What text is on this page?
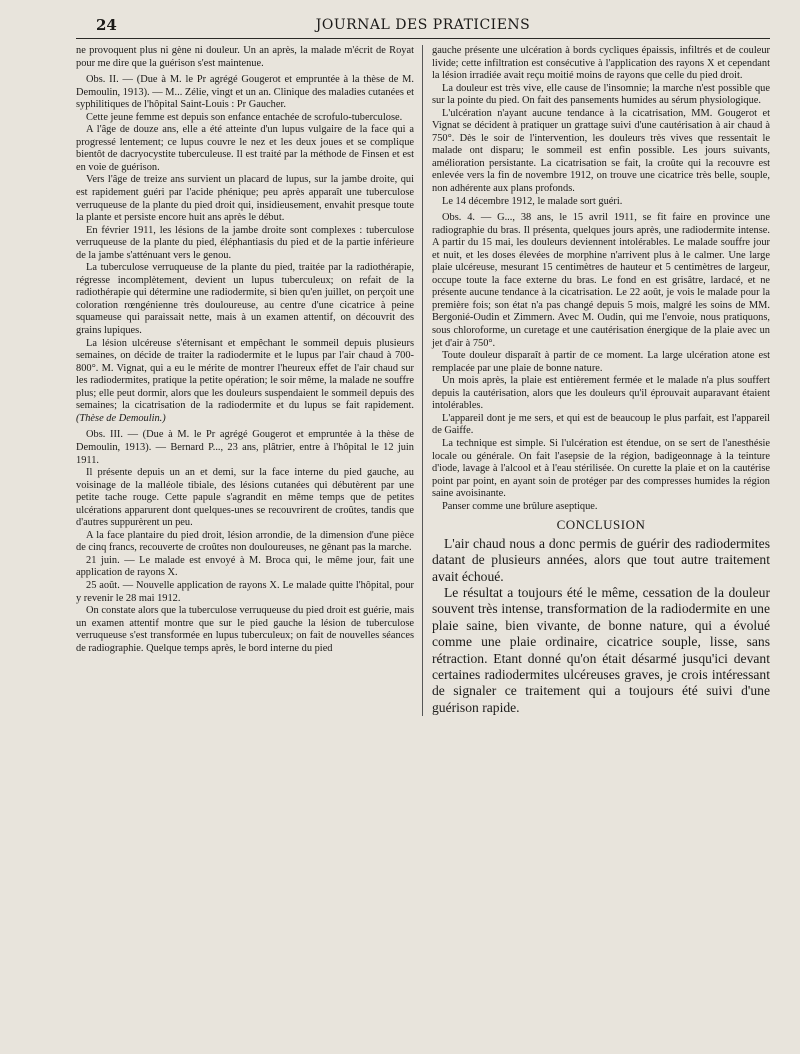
24	JOURNAL DES PRATICIENS

ne provoquent plus ni gène ni douleur. Un an après, la malade m'écrit de Royat pour me dire que la guérison s'est maintenue.

Obs. II. — (Due à M. le Pr agrégé Gougerot et empruntée à la thèse de M. Demoulin, 1913). — M... Zélie, vingt et un an. Clinique des maladies cutanées et syphilitiques de l'hôpital Saint-Louis : Pr Gaucher.

Cette jeune femme est depuis son enfance entachée de scrofulo-tuberculose.

A l'âge de douze ans, elle a été atteinte d'un lupus vulgaire de la face qui a progressé lentement; ce lupus couvre le nez et les deux joues et se complique bientôt de dacryocystite tuberculeuse. Il est traité par la méthode de Finsen et est en voie de guérison.

Vers l'âge de treize ans survient un placard de lupus, sur la jambe droite, qui est rapidement guéri par l'acide phénique; peu après apparaît une tuberculose verruqueuse de la plante du pied droit qui, insidieusement, envahit presque toute la plante et persiste encore huit ans après le début.

En février 1911, les lésions de la jambe droite sont complexes : tuberculose verruqueuse de la plante du pied, éléphantiasis du pied et de la partie inférieure de la jambe s'atténuant vers le genou.

La tuberculose verruqueuse de la plante du pied, traitée par la radiothérapie, régresse incomplètement, devient un lupus tuberculeux; on refait de la radiothérapie qui détermine une radiodermite, si bien qu'en juillet, on perçoit une coloration rœngénienne très douloureuse, au centre d'une cicatrice à peine squameuse qui paraissait nette, mais à un examen attentif, on découvrit des grains lupiques.

La lésion ulcéreuse s'éternisant et empêchant le sommeil depuis plusieurs semaines, on décide de traiter la radiodermite et le lupus par l'air chaud à 700-800°. M. Vignat, qui a eu le mérite de montrer l'heureux effet de l'air chaud sur les radiodermites, pratique la petite opération; le soir même, la malade ne souffre plus; elle peut dormir, alors que les douleurs suspendaient le sommeil depuis des semaines; la cicatrisation de la radiodermite et du lupus se fait rapidement. (Thèse de Demoulin.)

Obs. III. — (Due à M. le Pr agrégé Gougerot et empruntée à la thèse de Demoulin, 1913). — Bernard P..., 23 ans, plâtrier, entre à l'hôpital le 12 juin 1911.

Il présente depuis un an et demi, sur la face interne du pied gauche, au voisinage de la malléole tibiale, des lésions cutanées qui débutèrent par une petite tache rouge. Cette papule s'agrandit en même temps que de petites ulcérations apparurent dont quelques-unes se recouvrirent de croûtes, tandis que d'autres suppurèrent un peu.

A la face plantaire du pied droit, lésion arrondie, de la dimension d'une pièce de cinq francs, recouverte de croûtes non douloureuses, ne gênant pas la marche.

21 juin. — Le malade est envoyé à M. Broca qui, le même jour, fait une application de rayons X.

25 août. — Nouvelle application de rayons X. Le malade quitte l'hôpital, pour y revenir le 28 mai 1912.

On constate alors que la tuberculose verruqueuse du pied droit est guérie, mais un examen attentif montre que sur le pied gauche la lésion de tuberculose verruqueuse s'est transformée en lupus tuberculeux; on fait de nouvelles séances de radiographie. Quelque temps après, le bord interne du pied

gauche présente une ulcération à bords cycliques épaissis, infiltrés et de couleur livide; cette infiltration est consécutive à l'application des rayons X et cependant la lésion irradiée avait reçu moitié moins de rayons que celle du pied droit.

La douleur est très vive, elle cause de l'insomnie; la marche n'est possible que sur la pointe du pied. On fait des pansements humides au sérum physiologique.

L'ulcération n'ayant aucune tendance à la cicatrisation, MM. Gougerot et Vignat se décident à pratiquer un grattage suivi d'une cautérisation à air chaud à 750°. Dès le soir de l'intervention, les douleurs très vives que ressentait le malade ont disparu; le sommeil est enfin possible. Les jours suivants, amélioration persistante. La cicatrisation se fait, la croûte qui la recouvre est enlevée vers la fin de novembre 1912, on trouve une cicatrice très belle, souple, non adhérente aux plans profonds.

Le 14 décembre 1912, le malade sort guéri.

Obs. 4. — G..., 38 ans, le 15 avril 1911, se fit faire en province une radiographie du bras. Il présenta, quelques jours après, une radiodermite intense. A partir du 15 mai, les douleurs deviennent intolérables. Le malade souffre jour et nuit, et les doses élevées de morphine n'arrivent plus à le calmer. Une large plaie ulcéreuse, mesurant 15 centimètres de hauteur et 5 centimètres de largeur, occupe toute la face externe du bras. Le fond en est grisâtre, lardacé, et ne présente aucune tendance à la cicatrisation. Le 22 août, je vois le malade pour la première fois; son état n'a pas changé depuis 5 mois, malgré les soins de MM. Bergonié-Oudin et Zimmern. Avec M. Oudin, qui me l'envoie, nous pratiquons, sous chloroforme, un curetage et une cautérisation énergique de la plaie avec un jet d'air à 750°.

Toute douleur disparaît à partir de ce moment. La large ulcération atone est remplacée par une plaie de bonne nature.

Un mois après, la plaie est entièrement fermée et le malade n'a plus souffert depuis la cautérisation, alors que les douleurs qu'il éprouvait auparavant étaient intolérables.

L'appareil dont je me sers, et qui est de beaucoup le plus parfait, est l'appareil de Gaiffe.

La technique est simple. Si l'ulcération est étendue, on se sert de l'anesthésie locale ou générale. On fait l'asepsie de la région, badigeonnage à la teinture d'iode, lavage à l'alcool et à l'eau stérilisée. On curette la plaie et on la cautérise point par point, en ayant soin de protéger par des compresses humides la région saine avoisinante.

Panser comme une brûlure aseptique.

CONCLUSION

L'air chaud nous a donc permis de guérir des radiodermites datant de plusieurs années, alors que tout autre traitement avait échoué.

Le résultat a toujours été le même, cessation de la douleur souvent très intense, transformation de la radiodermite en une plaie saine, bien vivante, de bonne nature, qui a évolué comme une plaie ordinaire, cicatrice souple, lisse, sans rétraction. Etant donné qu'on était désarmé jusqu'ici devant certaines radiodermites ulcéreuses graves, je crois intéressant de signaler ce traitement qui a toujours été suivi d'une guérison rapide.
